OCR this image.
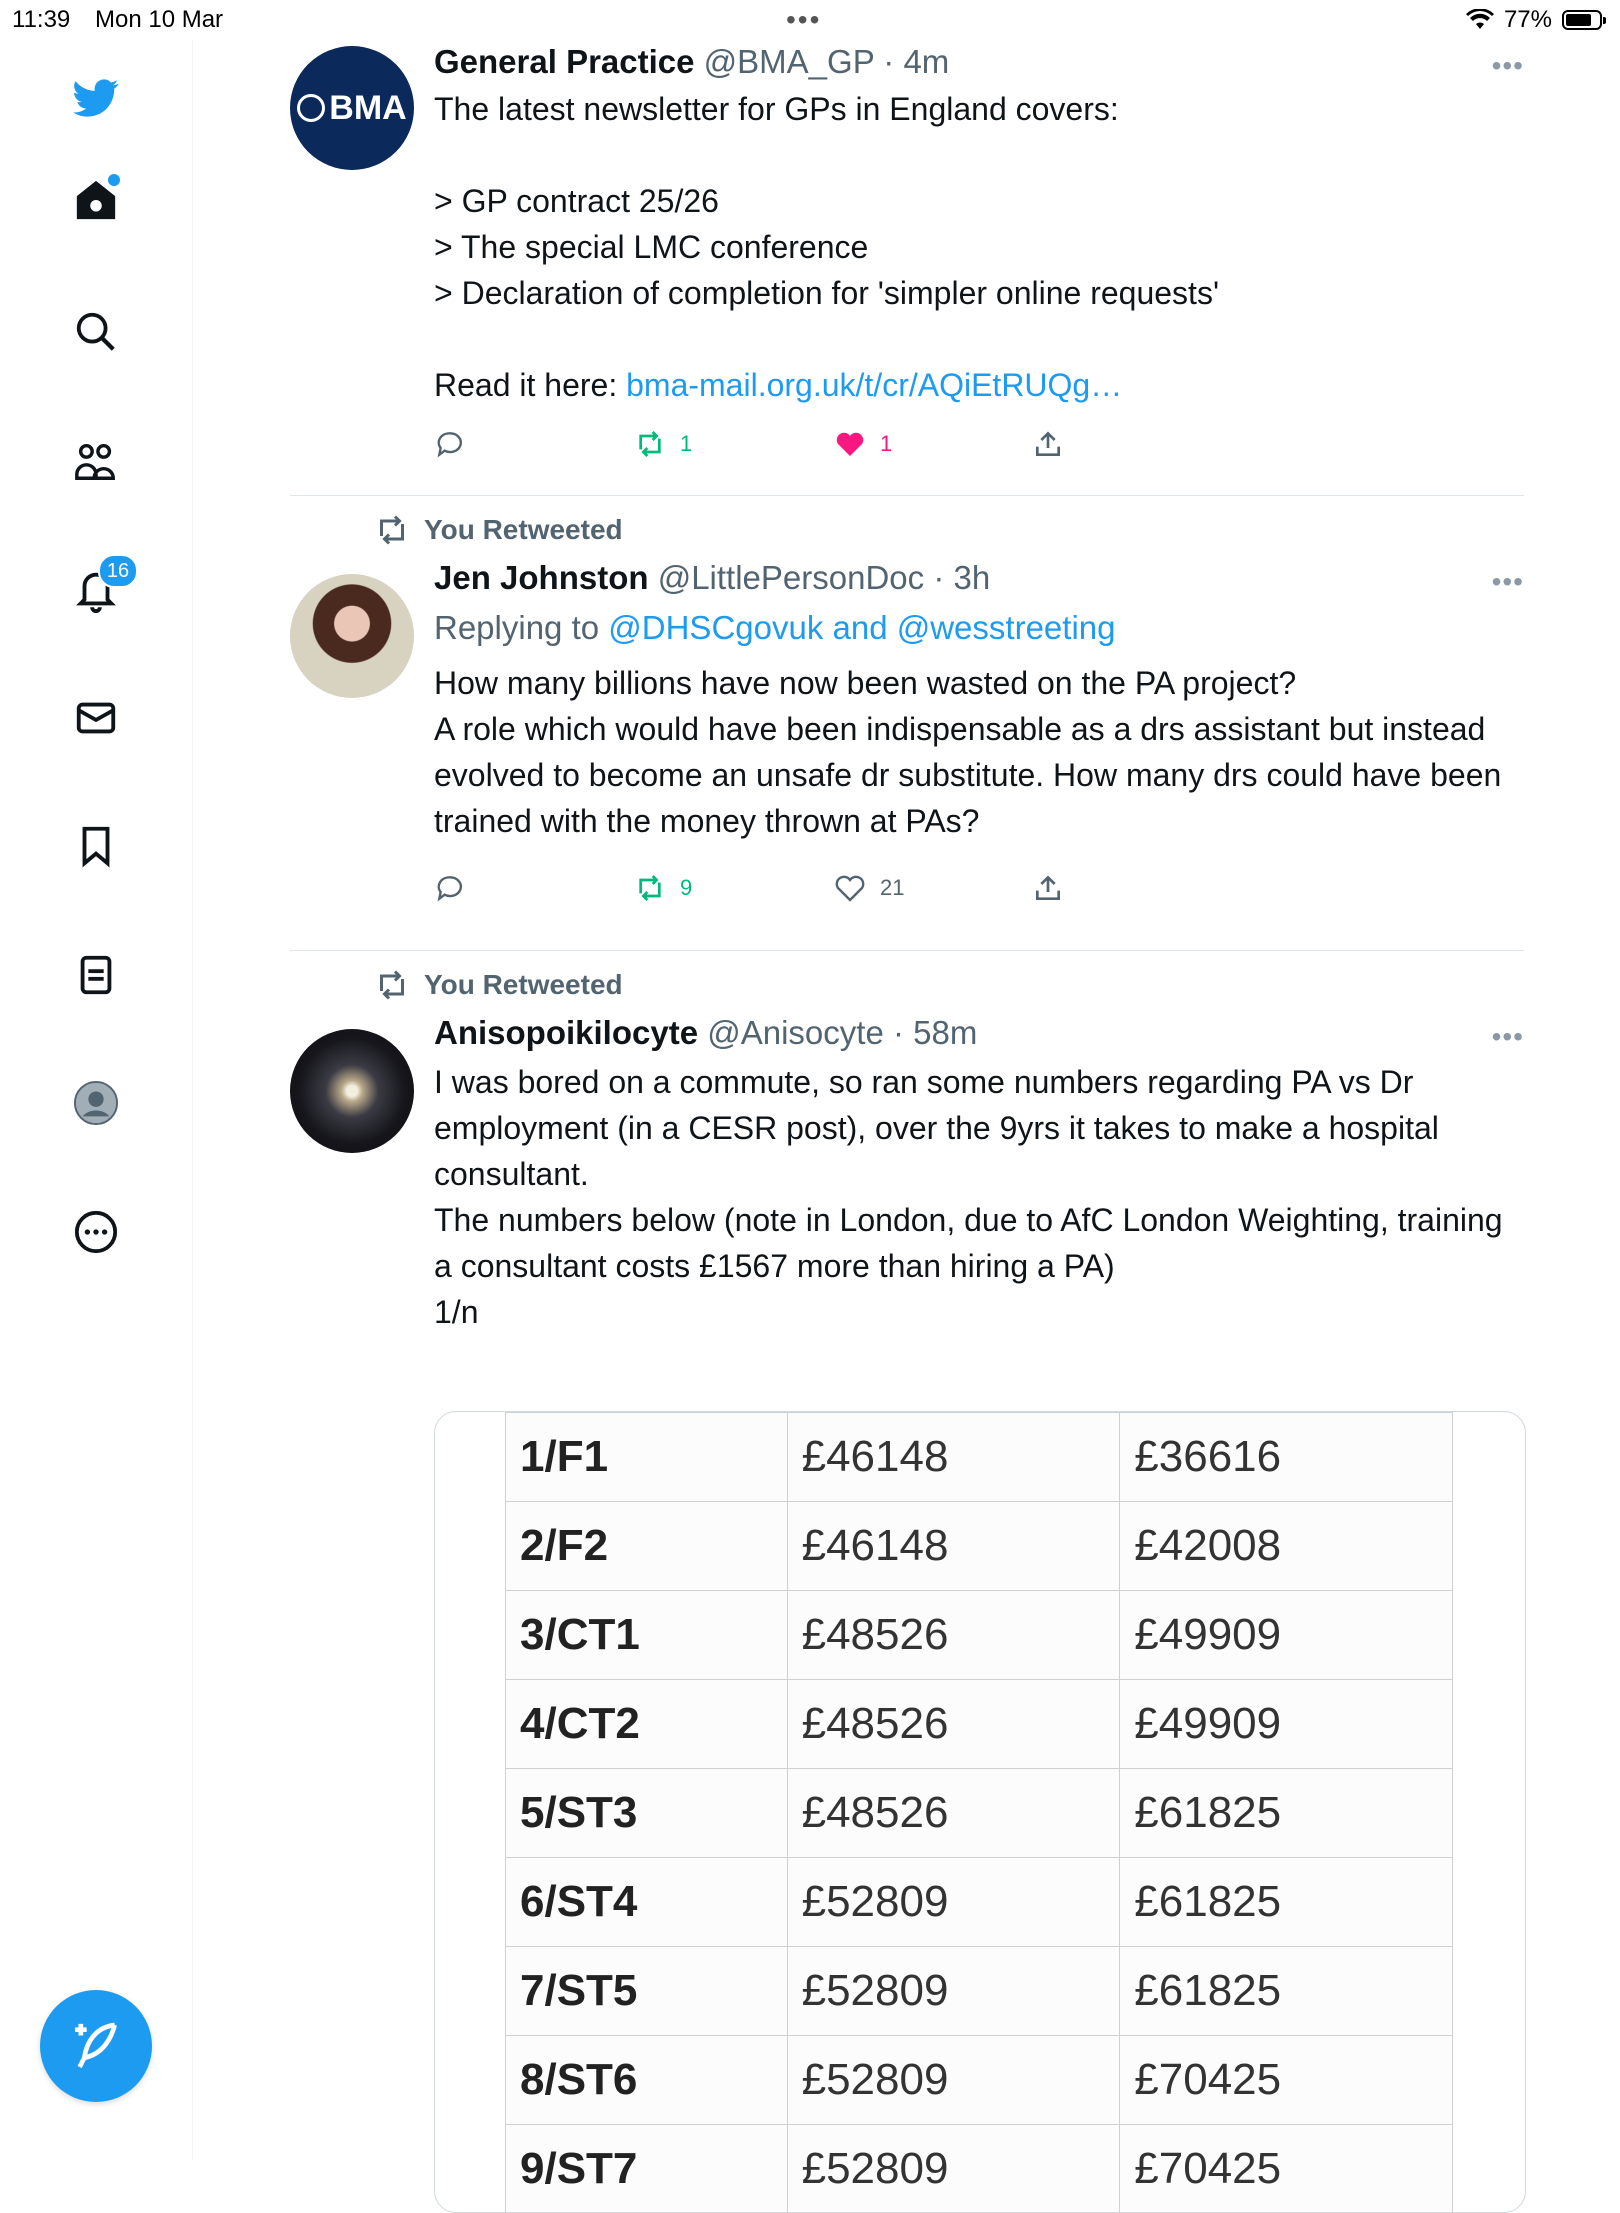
11:39 Mon 10 Mar	•••	77%
16
BMA
General Practice @BMA_GP · 4m
The latest newsletter for GPs in England covers:

> GP contract 25/26
> The special LMC conference
> Declaration of completion for 'simpler online requests'

Read it here: bma-mail.org.uk/t/cr/AQiEtRUQg…
•••
1	1
You Retweeted
Jen Johnston @LittlePersonDoc · 3h
Replying to @DHSCgovuk and @wesstreeting
How many billions have now been wasted on the PA project?
A role which would have been indispensable as a drs assistant but instead evolved to become an unsafe dr substitute. How many drs could have been trained with the money thrown at PAs?
•••
9	21
You Retweeted
Anisopoikilocyte @Anisocyte · 58m
I was bored on a commute, so ran some numbers regarding PA vs Dr employment (in a CESR post), over the 9yrs it takes to make a hospital consultant.
The numbers below (note in London, due to AfC London Weighting, training a consultant costs £1567 more than hiring a PA)
1/n
•••
1/F1	£46148	£36616
2/F2	£46148	£42008
3/CT1	£48526	£49909
4/CT2	£48526	£49909
5/ST3	£48526	£61825
6/ST4	£52809	£61825
7/ST5	£52809	£61825
8/ST6	£52809	£70425
9/ST7	£52809	£70425
